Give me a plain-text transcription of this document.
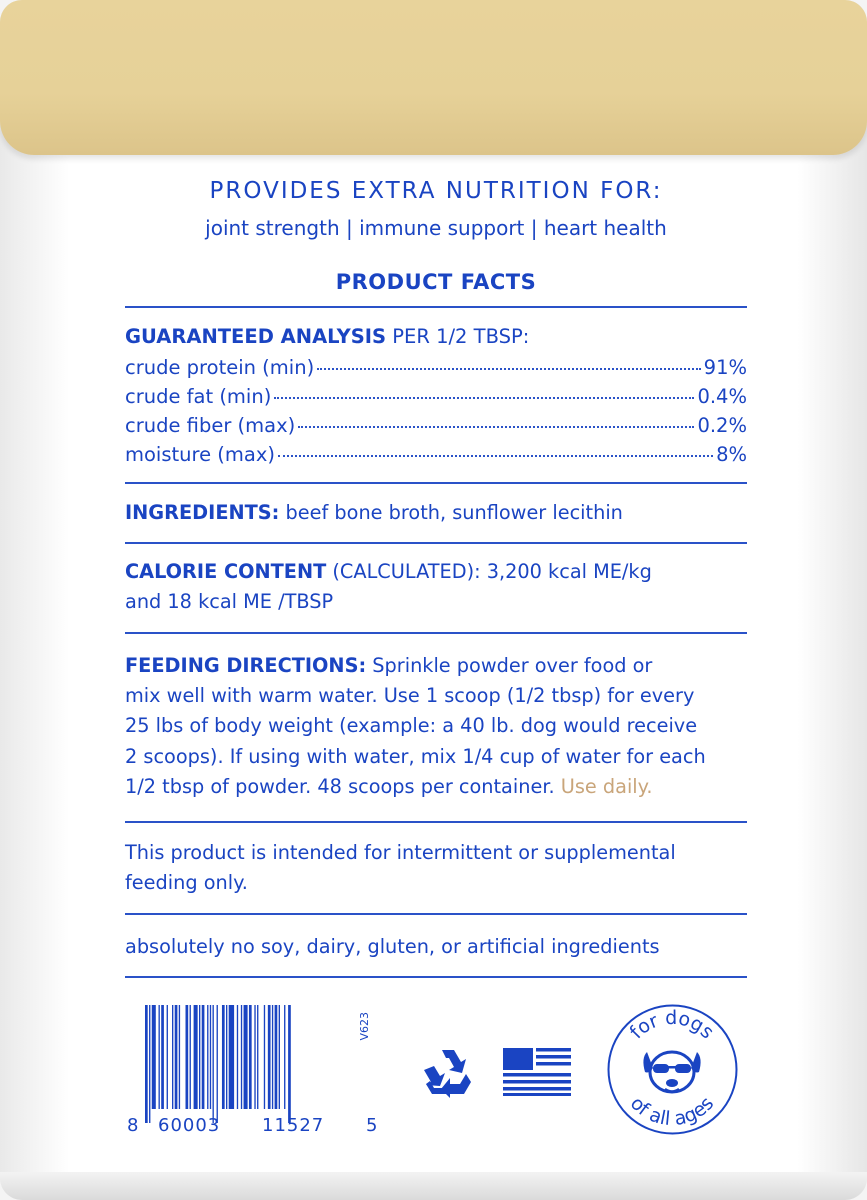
PROVIDES EXTRA NUTRITION FOR:
joint strength | immune support | heart health
PRODUCT FACTS
GUARANTEED ANALYSIS PER 1/2 TBSP:
crude protein (min)	91%
crude fat (min)	0.4%
crude fiber (max)	0.2%
moisture (max)	8%
INGREDIENTS: beef bone broth, sunflower lecithin
CALORIE CONTENT (CALCULATED): 3,200 kcal ME/kg
and 18 kcal ME /TBSP
FEEDING DIRECTIONS: Sprinkle powder over food or
mix well with warm water. Use 1 scoop (1/2 tbsp) for every
25 lbs of body weight (example: a 40 lb. dog would receive
2 scoops). If using with water, mix 1/4 cup of water for each
1/2 tbsp of powder. 48 scoops per container. Use daily.
This product is intended for intermittent or supplemental
feeding only.
absolutely no soy, dairy, gluten, or artificial ingredients
8 60003 11527 5
V623	for dogs
of all ages
